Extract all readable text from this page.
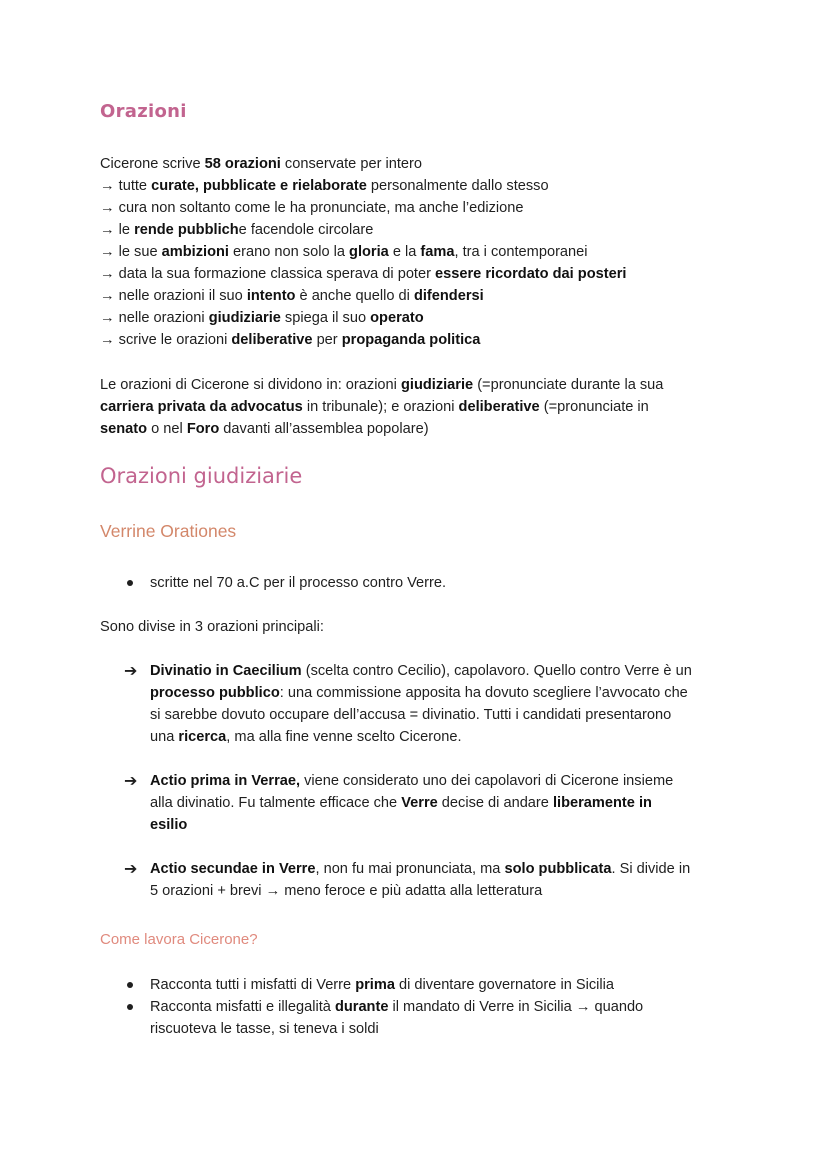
Orazioni
Cicerone scrive 58 orazioni conservate per intero
→ tutte curate, pubblicate e rielaborate personalmente dallo stesso
→ cura non soltanto come le ha pronunciate, ma anche l’edizione
→ le rende pubbliche facendole circolare
→ le sue ambizioni erano non solo la gloria e la fama, tra i contemporanei
→ data la sua formazione classica sperava di poter essere ricordato dai posteri
→ nelle orazioni il suo intento è anche quello di difendersi
→ nelle orazioni giudiziarie spiega il suo operato
→ scrive le orazioni deliberative per propaganda politica
Le orazioni di Cicerone si dividono in: orazioni giudiziarie (=pronunciate durante la sua
carriera privata da advocatus in tribunale); e orazioni deliberative (=pronunciate in
senato o nel Foro davanti all’assemblea popolare)
Orazioni giudiziarie
Verrine Orationes
scritte nel 70 a.C per il processo contro Verre.
Sono divise in 3 orazioni principali:
➔ Divinatio in Caecilium (scelta contro Cecilio), capolavoro. Quello contro Verre è un
processo pubblico: una commissione apposita ha dovuto scegliere l’avvocato che
si sarebbe dovuto occupare dell’accusa = divinatio. Tutti i candidati presentarono
una ricerca, ma alla fine venne scelto Cicerone.
➔ Actio prima in Verrae, viene considerato uno dei capolavori di Cicerone insieme
alla divinatio. Fu talmente efficace che Verre decise di andare liberamente in
esilio
➔ Actio secundae in Verre, non fu mai pronunciata, ma solo pubblicata. Si divide in
5 orazioni + brevi → meno feroce e più adatta alla letteratura
Come lavora Cicerone?
Racconta tutti i misfatti di Verre prima di diventare governatore in Sicilia
Racconta misfatti e illegalità durante il mandato di Verre in Sicilia → quando
riscuoteva le tasse, si teneva i soldi
